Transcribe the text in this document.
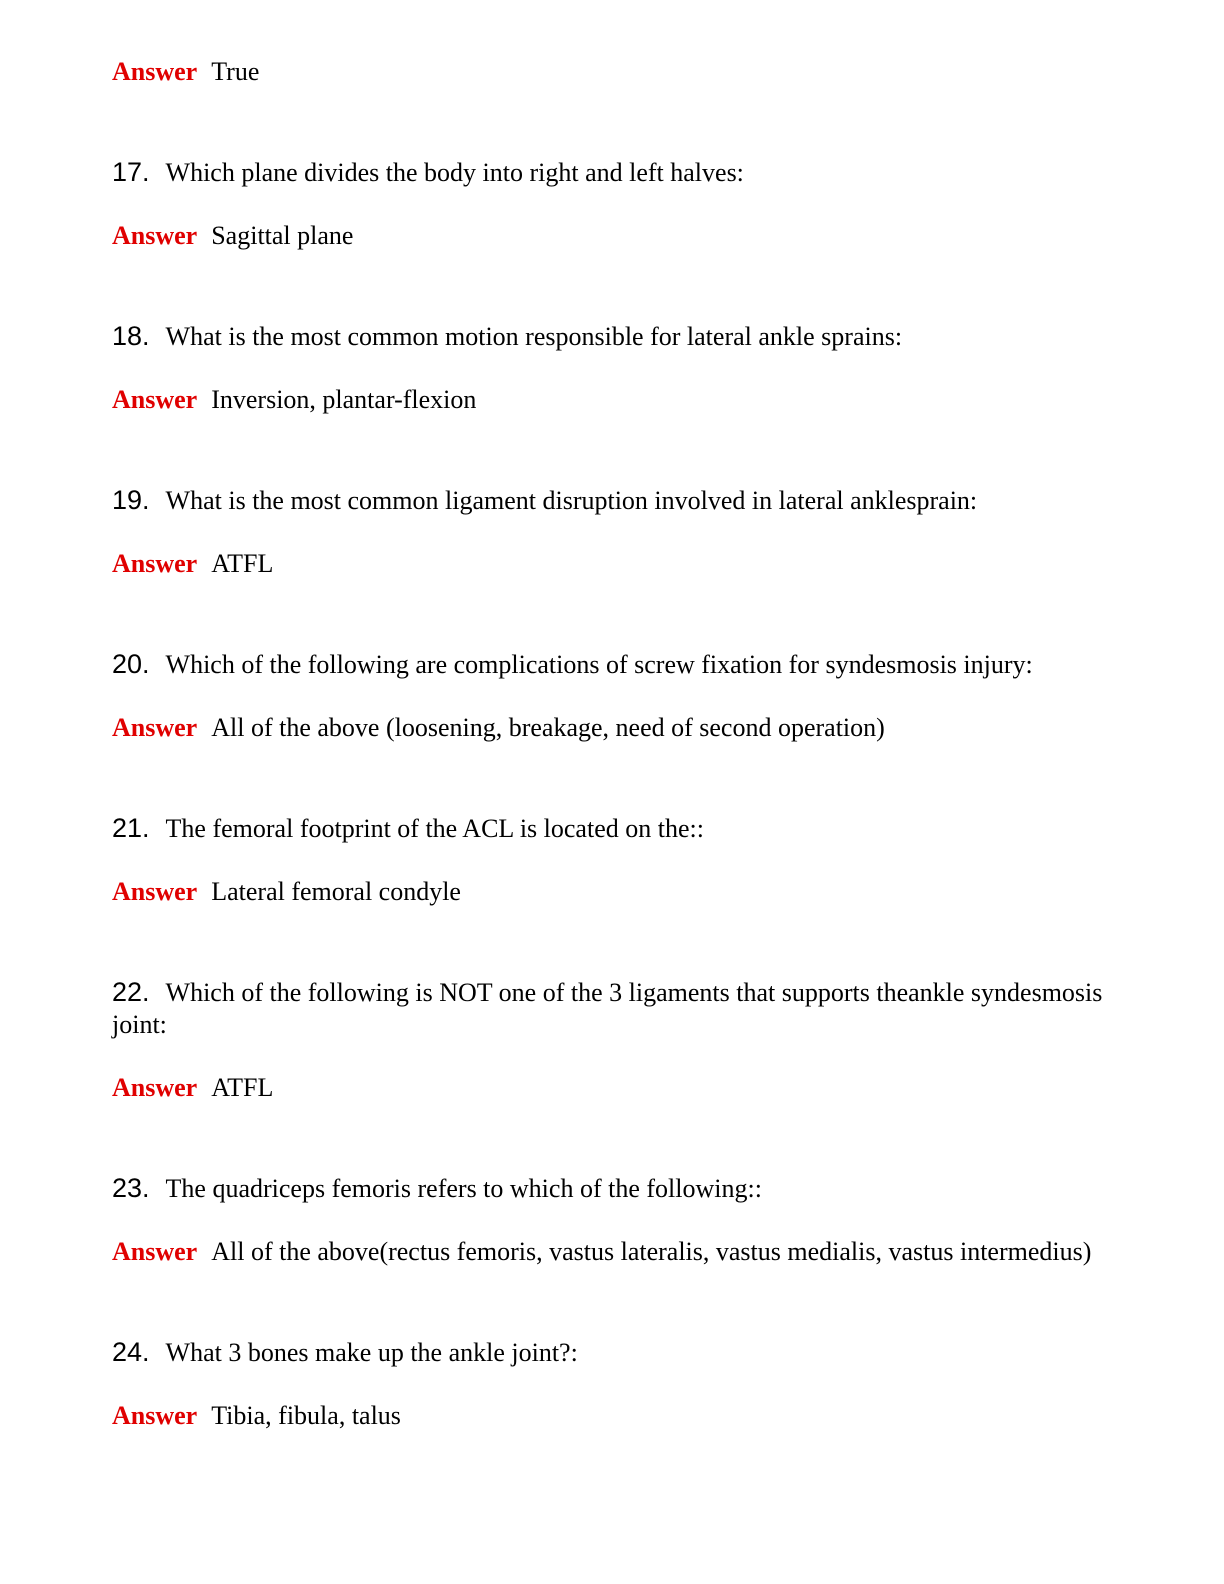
Answer True
17. Which plane divides the body into right and left halves:
Answer Sagittal plane
18. What is the most common motion responsible for lateral ankle sprains:
Answer Inversion, plantar-flexion
19. What is the most common ligament disruption involved in lateral anklesprain:
Answer ATFL
20. Which of the following are complications of screw fixation for syndesmosis injury:
Answer All of the above (loosening, breakage, need of second operation)
21. The femoral footprint of the ACL is located on the::
Answer Lateral femoral condyle
22. Which of the following is NOT one of the 3 ligaments that supports theankle syndesmosis joint:
Answer ATFL
23. The quadriceps femoris refers to which of the following::
Answer All of the above(rectus femoris, vastus lateralis, vastus medialis, vastus intermedius)
24. What 3 bones make up the ankle joint?:
Answer Tibia, fibula, talus
